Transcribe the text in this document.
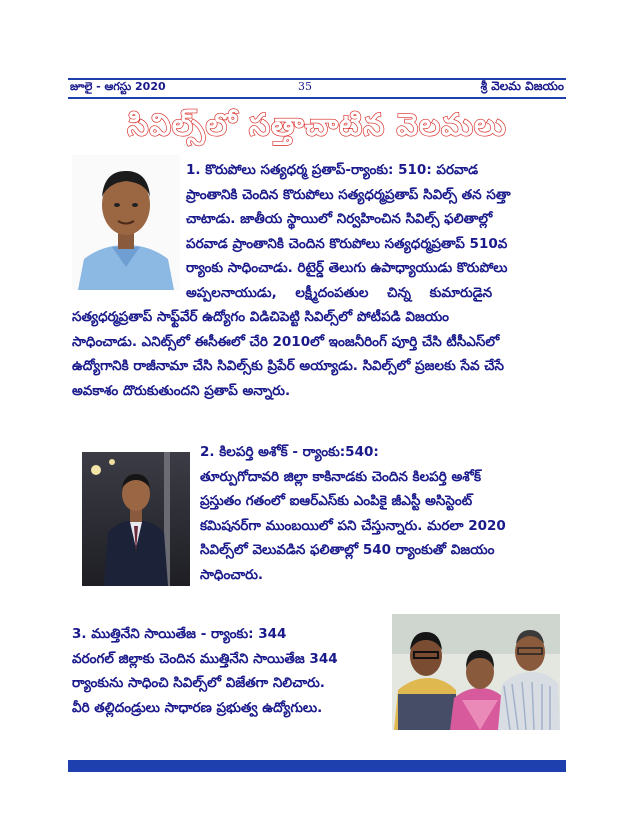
జూలై - ఆగస్టు 2020	35	శ్రీ వెలమ విజయం
సివిల్స్‌లో సత్తాచాటిన వెలమలు
1. కొరుపోలు సత్యధర్మ ప్రతాప్-ర్యాంకు: 510: పరవాడ
ప్రాంతానికి చెందిన కొరుపోలు సత్యధర్మప్రతాప్ సివిల్స్ తన సత్తా
చాటాడు. జాతీయ స్థాయిలో నిర్వహించిన సివిల్స్ ఫలితాల్లో
పరవాడ ప్రాంతానికి చెందిన కొరుపోలు సత్యధర్మప్రతాప్ 510వ
ర్యాంకు సాధించాడు. రిటైర్డ్ తెలుగు ఉపాధ్యాయుడు కొరుపోలు
అప్పలనాయుడు, లక్ష్మీదంపతుల చిన్న కుమారుడైన
సత్యధర్మప్రతాప్ సాఫ్ట్‌వేర్ ఉద్యోగం విడిచిపెట్టి సివిల్స్‌లో పోటీపడి విజయం
సాధించాడు. ఎనిట్స్‌లో ఈసీఈలో చేరి 2010లో ఇంజనీరింగ్ పూర్తి చేసి టీసీఎస్‌లో
ఉద్యోగానికి రాజీనామా చేసి సివిల్స్‌కు ప్రిపేర్ అయ్యాడు. సివిల్స్‌లో ప్రజలకు సేవ చేసే
అవకాశం దొరుకుతుందని ప్రతాప్ అన్నారు.
2. కిలపర్తి అశోక్ - ర్యాంకు:540:
తూర్పుగోదావరి జిల్లా కాకినాడకు చెందిన కిలపర్తి అశోక్
ప్రస్తుతం గతంలో ఐఆర్ఎస్‌కు ఎంపికై జీఎస్టీ అసిస్టెంట్
కమిషనర్‌గా ముంబయిలో పని చేస్తున్నారు. మరలా 2020
సివిల్స్‌లో వెలువడిన ఫలితాల్లో 540 ర్యాంకుతో విజయం
సాధించారు.
3. ముత్తినేని సాయితేజ - ర్యాంకు: 344
వరంగల్ జిల్లాకు చెందిన ముత్తినేని సాయితేజ 344
ర్యాంకును సాధించి సివిల్స్‌లో విజేతగా నిలిచారు.
వీరి తల్లిదండ్రులు సాధారణ ప్రభుత్వ ఉద్యోగులు.
